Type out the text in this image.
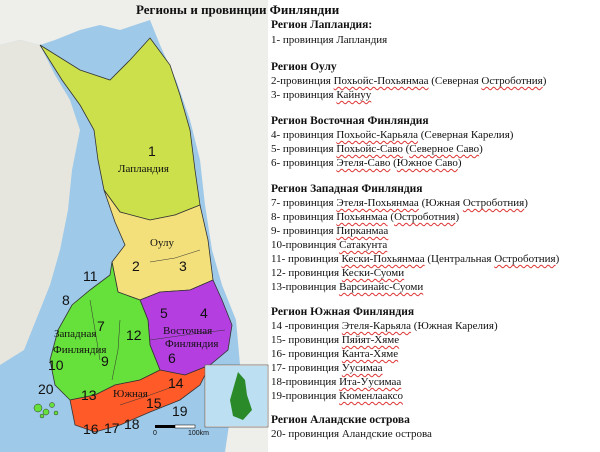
0	100km
Лапландия
Оулу
Восточная
Финляндия
Западная
Финляндия
Южная
1
2	3
4
5
6
7
8
9
10
11
12
13
14
15
16 17 18
19
20
Регионы и провинции Финляндии
Регион Лапландия:
1- провинция Лапландия
Регион Оулу
2-провинция Похьойс-Похьянмаа (Северная Остроботния)
3- провинция Кайнуу
Регион Восточная Финляндия
4- провинция Похьойс-Карьяла (Северная Карелия)
5- провинция Похьойс-Саво (Северное Саво)
6- провинция Этеля-Саво (Южное Саво)
Регион Западная Финляндия
7- провинция Этеля-Похьянмаа (Южная Остроботния)
8- провинция Похьянмаа (Остроботния)
9- провинция Пирканмаа
10-провинция Сатакунта
11- провинция Кески-Похьянмаа (Центральная Остроботния)
12- провинция Кески-Суоми
13-провинция Варсинайс-Суоми
Регион Южная Финляндия
14 -провинция Этеля-Карьяла (Южная Карелия)
15- провинция Пяйят-Хяме
16- провинция Канта-Хяме
17- провинция Уусимаа
18-провинция Ита-Уусимаа
19-провинция Кюменлааксо
Регион Аландские острова
20- провинция Аландские острова
